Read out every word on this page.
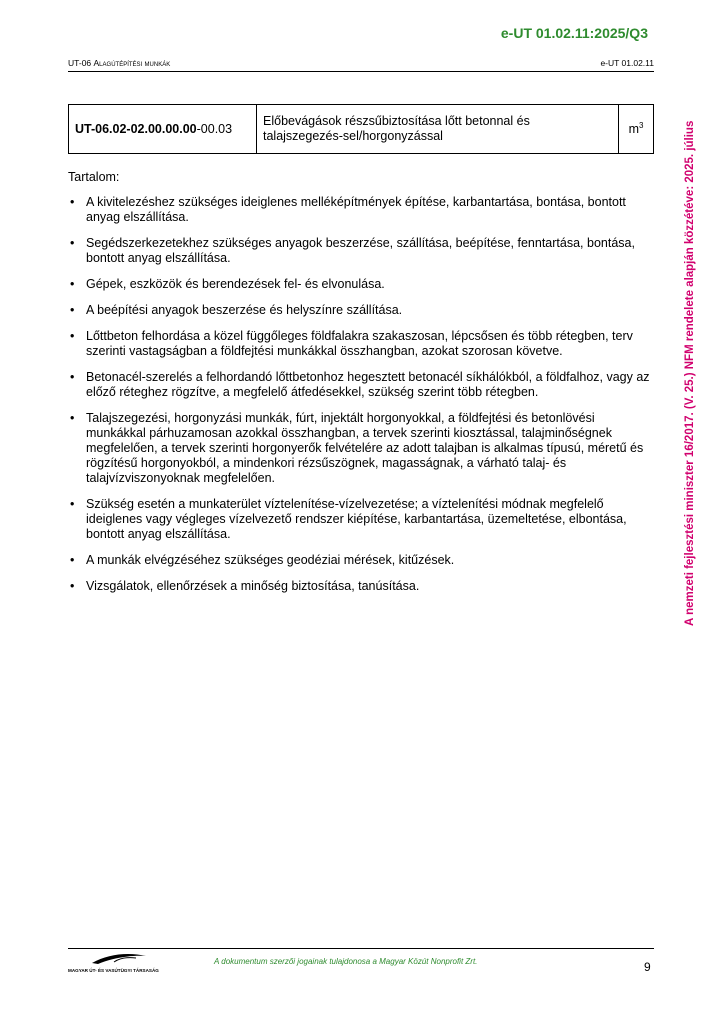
e-UT 01.02.11:2025/Q3
UT-06 Alagútépítési munkák	e-UT 01.02.11
A nemzeti fejlesztési miniszter 16/2017. (V. 25.) NFM rendelete alapján közzétéve: 2025. július
UT-06.02-02.00.00.00-00.03	Előbevágások részsűbiztosítása lőtt betonnal és talajszegezés-sel/horgonyzással	$m^3$

Tartalom:

• A kivitelezéshez szükséges ideiglenes melléképítmények építése, karbantartása, bontása, bontott anyag elszállítása.
• Segédszerkezetekhez szükséges anyagok beszerzése, szállítása, beépítése, fenntartása, bontása, bontott anyag elszállítása.
• Gépek, eszközök és berendezések fel- és elvonulása.
• A beépítési anyagok beszerzése és helyszínre szállítása.
• Lőttbeton felhordása a közel függőleges földfalakra szakaszosan, lépcsősen és több rétegben, terv szerinti vastagságban a földfejtési munkákkal összhangban, azokat szorosan követve.
• Betonacél-szerelés a felhordandó lőttbetonhoz hegesztett betonacél síkhálókból, a földfalhoz, vagy az előző réteghez rögzítve, a megfelelő átfedésekkel, szükség szerint több rétegben.
• Talajszegezési, horgonyzási munkák, fúrt, injektált horgonyokkal, a földfejtési és betonlövési munkákkal párhuzamosan azokkal összhangban, a tervek szerinti kiosztással, talajminőségnek megfelelően, a tervek szerinti horgonyerők felvételére az adott talajban is alkalmas típusú, méretű és rögzítésű horgonyokból, a mindenkori rézsűszögnek, magasságnak, a várható talaj- és talajvízviszonyoknak megfelelően.
• Szükség esetén a munkaterület víztelenítése-vízelvezetése; a víztelenítési módnak megfelelő ideiglenes vagy végleges vízelvezető rendszer kiépítése, karbantartása, üzemeltetése, elbontása, bontott anyag elszállítása.
• A munkák elvégzéséhez szükséges geodéziai mérések, kitűzések.
• Vizsgálatok, ellenőrzések a minőség biztosítása, tanúsítása.
MAGYAR ÚT- ÉS VASÚTÜGYI TÁRSASÁG
A dokumentum szerzői jogainak tulajdonosa a Magyar Közút Nonprofit Zrt.	9
